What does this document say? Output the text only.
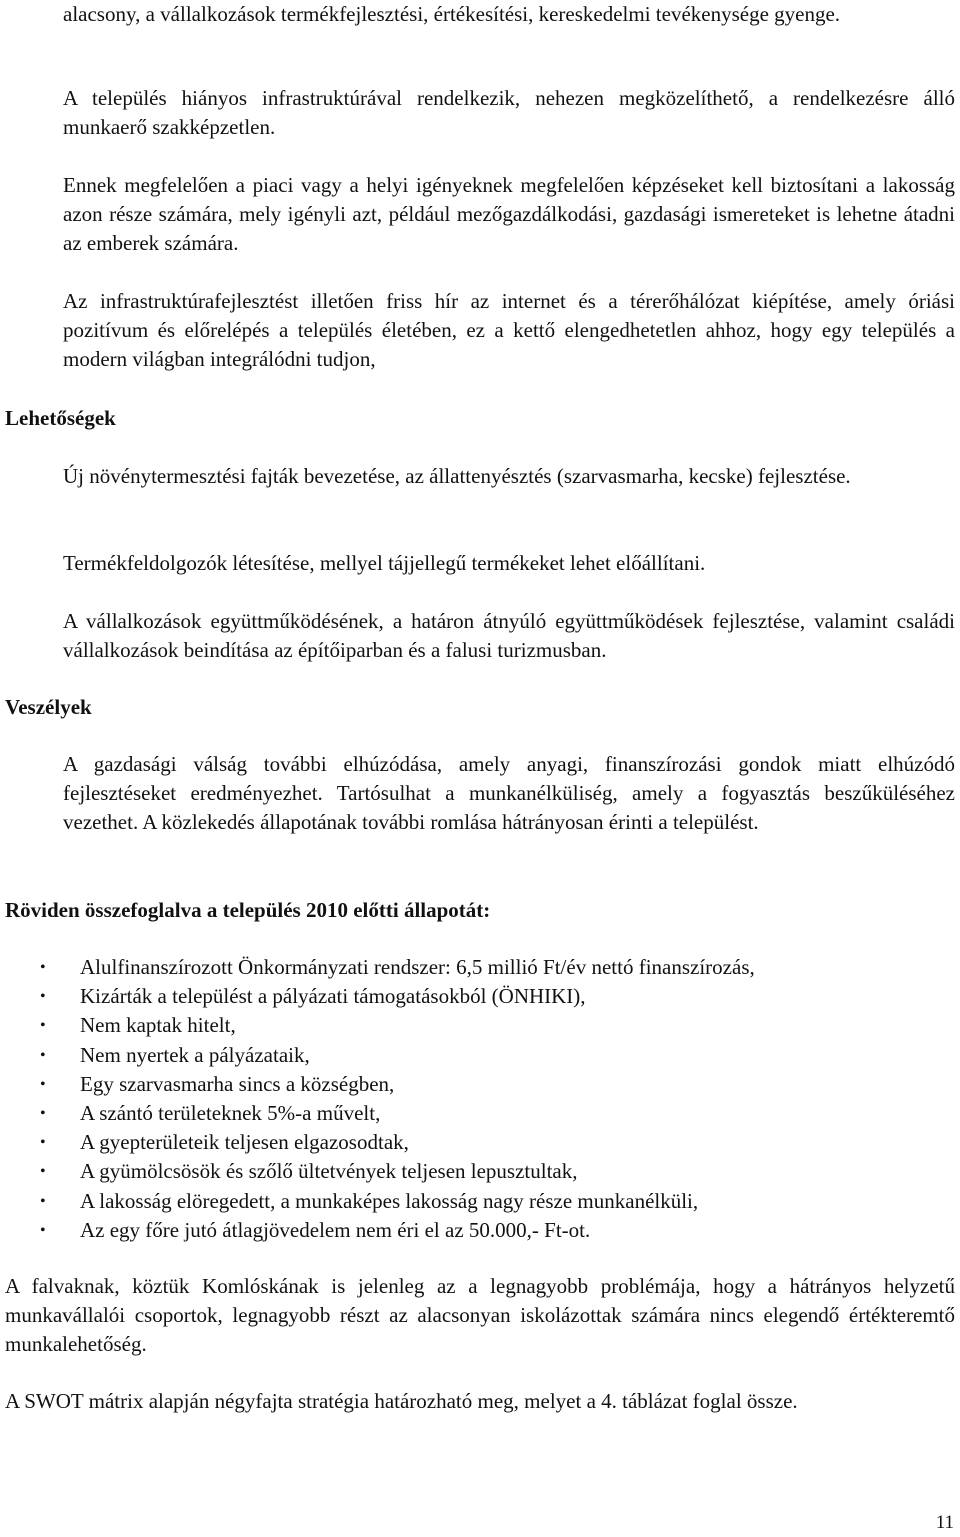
alacsony, a vállalkozások termékfejlesztési, értékesítési, kereskedelmi tevékenysége gyenge.

A település hiányos infrastruktúrával rendelkezik, nehezen megközelíthető, a rendelkezésre álló munkaerő szakképzetlen.

Ennek megfelelően a piaci vagy a helyi igényeknek megfelelően képzéseket kell biztosítani a lakosság azon része számára, mely igényli azt, például mezőgazdálkodási, gazdasági ismereteket is lehetne átadni az emberek számára.

Az infrastruktúrafejlesztést illetően friss hír az internet és a térerőhálózat kiépítése, amely óriási pozitívum és előrelépés a település életében, ez a kettő elengedhetetlen ahhoz, hogy egy település a modern világban integrálódni tudjon,

Lehetőségek

Új növénytermesztési fajták bevezetése, az állattenyésztés (szarvasmarha, kecske) fejlesztése.

Termékfeldolgozók létesítése, mellyel tájjellegű termékeket lehet előállítani.

A vállalkozások együttműködésének, a határon átnyúló együttműködések fejlesztése, valamint családi vállalkozások beindítása az építőiparban és a falusi turizmusban.

Veszélyek

A gazdasági válság további elhúzódása, amely anyagi, finanszírozási gondok miatt elhúzódó fejlesztéseket eredményezhet. Tartósulhat a munkanélküliség, amely a fogyasztás beszűküléséhez vezethet. A közlekedés állapotának további romlása hátrányosan érinti a települést.

Röviden összefoglalva a település 2010 előtti állapotát:
• Alulfinanszírozott Önkormányzati rendszer: 6,5 millió Ft/év nettó finanszírozás,
• Kizárták a települést a pályázati támogatásokból (ÖNHIKI),
• Nem kaptak hitelt,
• Nem nyertek a pályázataik,
• Egy szarvasmarha sincs a községben,
• A szántó területeknek 5%-a művelt,
• A gyepterületeik teljesen elgazosodtak,
• A gyümölcsösök és szőlő ültetvények teljesen lepusztultak,
• A lakosság elöregedett, a munkaképes lakosság nagy része munkanélküli,
• Az egy főre jutó átlagjövedelem nem éri el az 50.000,- Ft-ot.

A falvaknak, köztük Komlóskának is jelenleg az a legnagyobb problémája, hogy a hátrányos helyzetű munkavállalói csoportok, legnagyobb részt az alacsonyan iskolázottak számára nincs elegendő értékteremtő munkalehetőség.

A SWOT mátrix alapján négyfajta stratégia határozható meg, melyet a 4. táblázat foglal össze.

11
